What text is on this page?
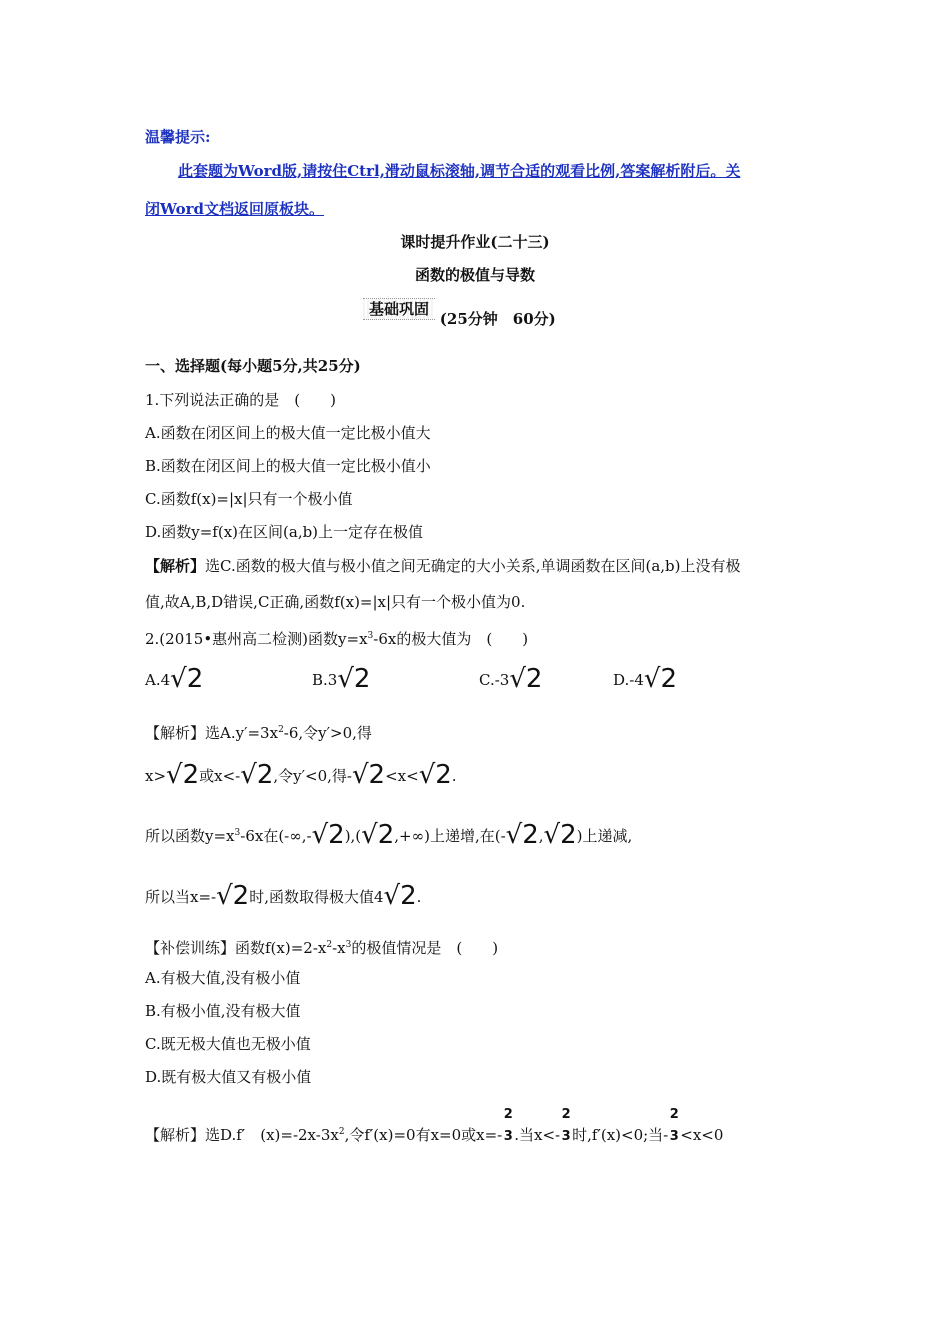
温馨提示:
此套题为Word版,请按住Ctrl,滑动鼠标滚轴,调节合适的观看比例,答案解析附后。关
闭Word文档返回原板块。
课时提升作业(二十三)
函数的极值与导数
基础巩固 (25分钟　60分)
一、选择题(每小题5分,共25分)
1.下列说法正确的是　(　　)
A.函数在闭区间上的极大值一定比极小值大
B.函数在闭区间上的极大值一定比极小值小
C.函数f(x)=|x|只有一个极小值
D.函数y=f(x)在区间(a,b)上一定存在极值
【解析】选C.函数的极大值与极小值之间无确定的大小关系,单调函数在区间(a,b)上没有极
值,故A,B,D错误,C正确,函数f(x)=|x|只有一个极小值为0.
2.(2015•惠州高二检测)函数$y=x^3-6x$的极大值为　(　　)
A.4√2	B.3√2	C.-3√2	D.-4√2
【解析】选$A.y'=3x^2-6$,令y′>0,得
x>√2或x<-√2,令y′<0,得-√2<x<√2.
所以函数$y=x^3-6x$在(-∞,-√2),(√2,+∞)上递增,在(-√2,√2)上递减,
所以当x=-√2时,函数取得极大值4√2.
【补偿训练】函数$f(x)=2-x^2-x^3$的极值情况是　(　　)
A.有极大值,没有极小值
B.有极小值,没有极大值
C.既无极大值也无极小值
D.既有极大值又有极小值
【解析】选D.f′　$(x)=-2x-3x^2$,令f′(x)=0有x=0或x=-
2
3.当x<-
2
3时,f′(x)<0;当-
2
3<x<0
